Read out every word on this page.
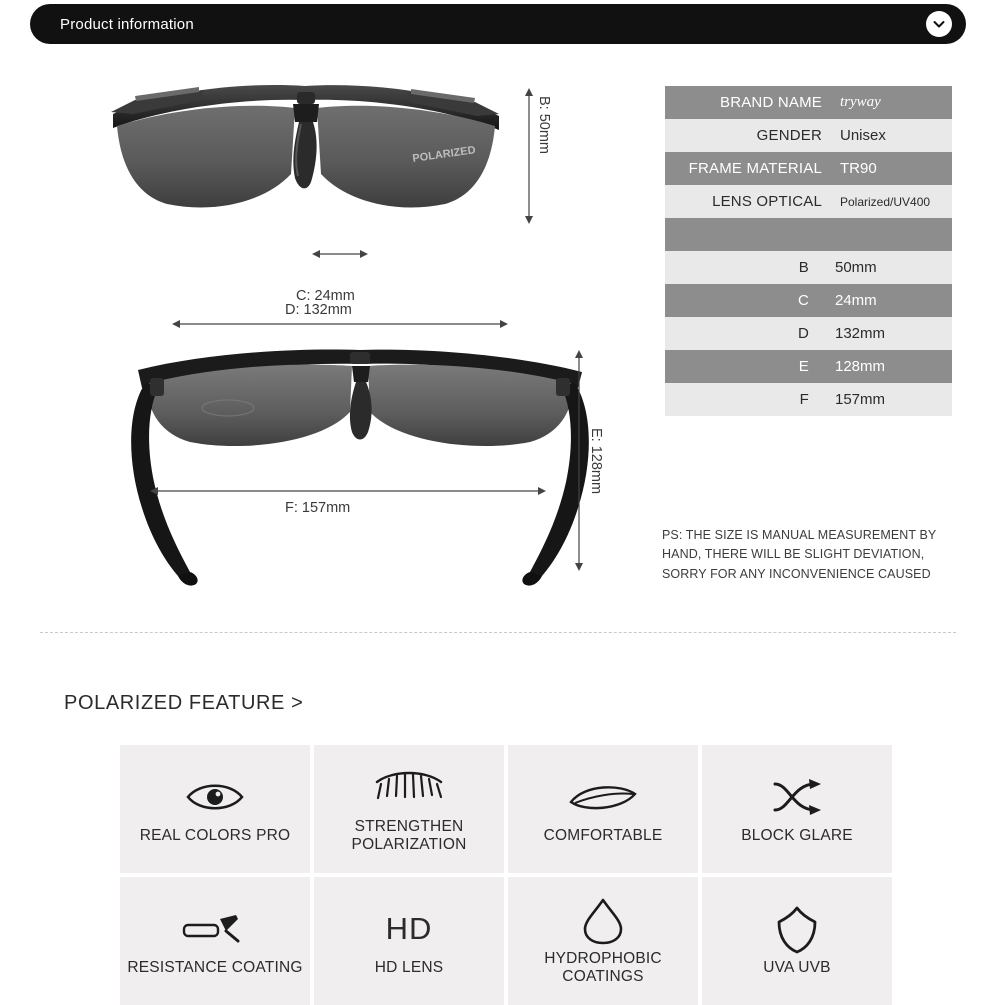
Product information
POLARIZED
B: 50mm
C: 24mm
D: 132mm
E: 128mm
F: 157mm
BRAND NAME	tryway
GENDER	Unisex
FRAME MATERIAL	TR90
LENS OPTICAL	Polarized/UV400
B	50mm
C	24mm
D	132mm
E	128mm
F	157mm
PS: THE SIZE IS MANUAL MEASUREMENT BY HAND, THERE WILL BE SLIGHT DEVIATION, SORRY FOR ANY INCONVENIENCE CAUSED
POLARIZED FEATURE >
REAL COLORS PRO
STRENGTHEN POLARIZATION
COMFORTABLE	BLOCK GLARE
RESISTANCE COATING
HD
HD LENS
HYDROPHOBIC COATINGS
UVA UVB
